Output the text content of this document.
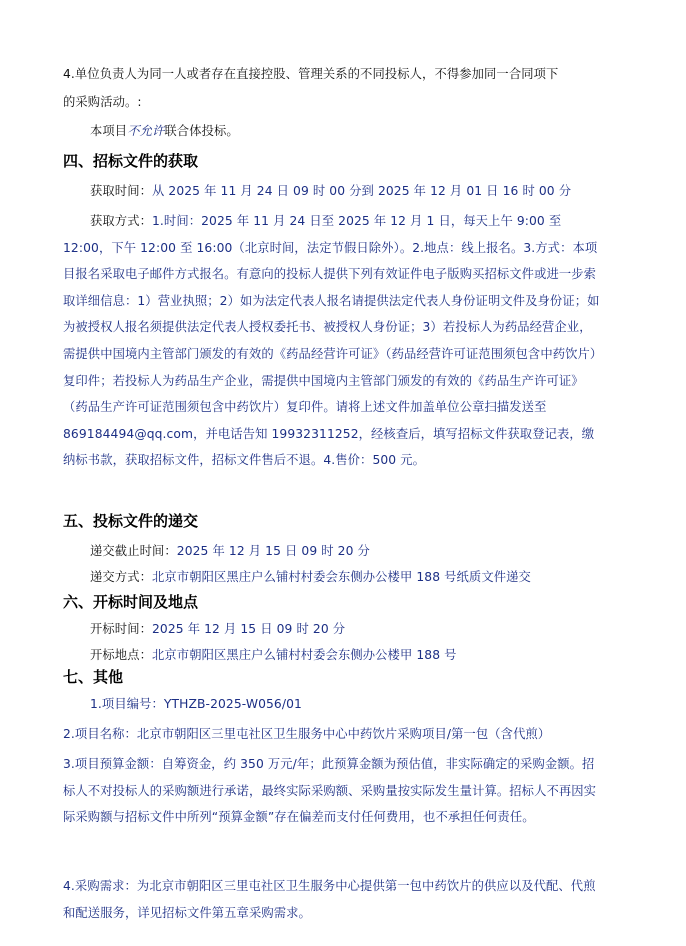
4.单位负责人为同一人或者存在直接控股、管理关系的不同投标人，不得参加同一合同项下
的采购活动。:
本项目不允许联合体投标。
四、招标文件的获取
获取时间：从 2025 年 11 月 24 日 09 时 00 分到 2025 年 12 月 01 日 16 时 00 分
获取方式：1.时间：2025 年 11 月 24 日至 2025 年 12 月 1 日，每天上午 9:00 至 12:00，下午 12:00 至 16:00（北京时间，法定节假日除外）。2.地点：线上报名。3.方式：本项目报名采取电子邮件方式报名。有意向的投标人提供下列有效证件电子版购买招标文件或进一步索取详细信息：1）营业执照；2）如为法定代表人报名请提供法定代表人身份证明文件及身份证；如为被授权人报名须提供法定代表人授权委托书、被授权人身份证；3）若投标人为药品经营企业，需提供中国境内主管部门颁发的有效的《药品经营许可证》（药品经营许可证范围须包含中药饮片）复印件；若投标人为药品生产企业，需提供中国境内主管部门颁发的有效的《药品生产许可证》（药品生产许可证范围须包含中药饮片）复印件。请将上述文件加盖单位公章扫描发送至 869184494@qq.com，并电话告知 19932311252，经核查后，填写招标文件获取登记表，缴纳标书款，获取招标文件，招标文件售后不退。4.售价：500 元。
五、投标文件的递交
递交截止时间：2025 年 12 月 15 日 09 时 20 分
递交方式：北京市朝阳区黑庄户么铺村村委会东侧办公楼甲 188 号纸质文件递交
六、开标时间及地点
开标时间：2025 年 12 月 15 日 09 时 20 分
开标地点：北京市朝阳区黑庄户么铺村村委会东侧办公楼甲 188 号
七、其他
1.项目编号：YTHZB-2025-W056/01
2.项目名称：北京市朝阳区三里屯社区卫生服务中心中药饮片采购项目/第一包（含代煎）
3.项目预算金额：自筹资金，约 350 万元/年；此预算金额为预估值，非实际确定的采购金额。招标人不对投标人的采购额进行承诺，最终实际采购额、采购量按实际发生量计算。招标人不再因实际采购额与招标文件中所列“预算金额”存在偏差而支付任何费用，也不承担任何责任。
4.采购需求：为北京市朝阳区三里屯社区卫生服务中心提供第一包中药饮片的供应以及代配、代煎和配送服务，详见招标文件第五章采购需求。
